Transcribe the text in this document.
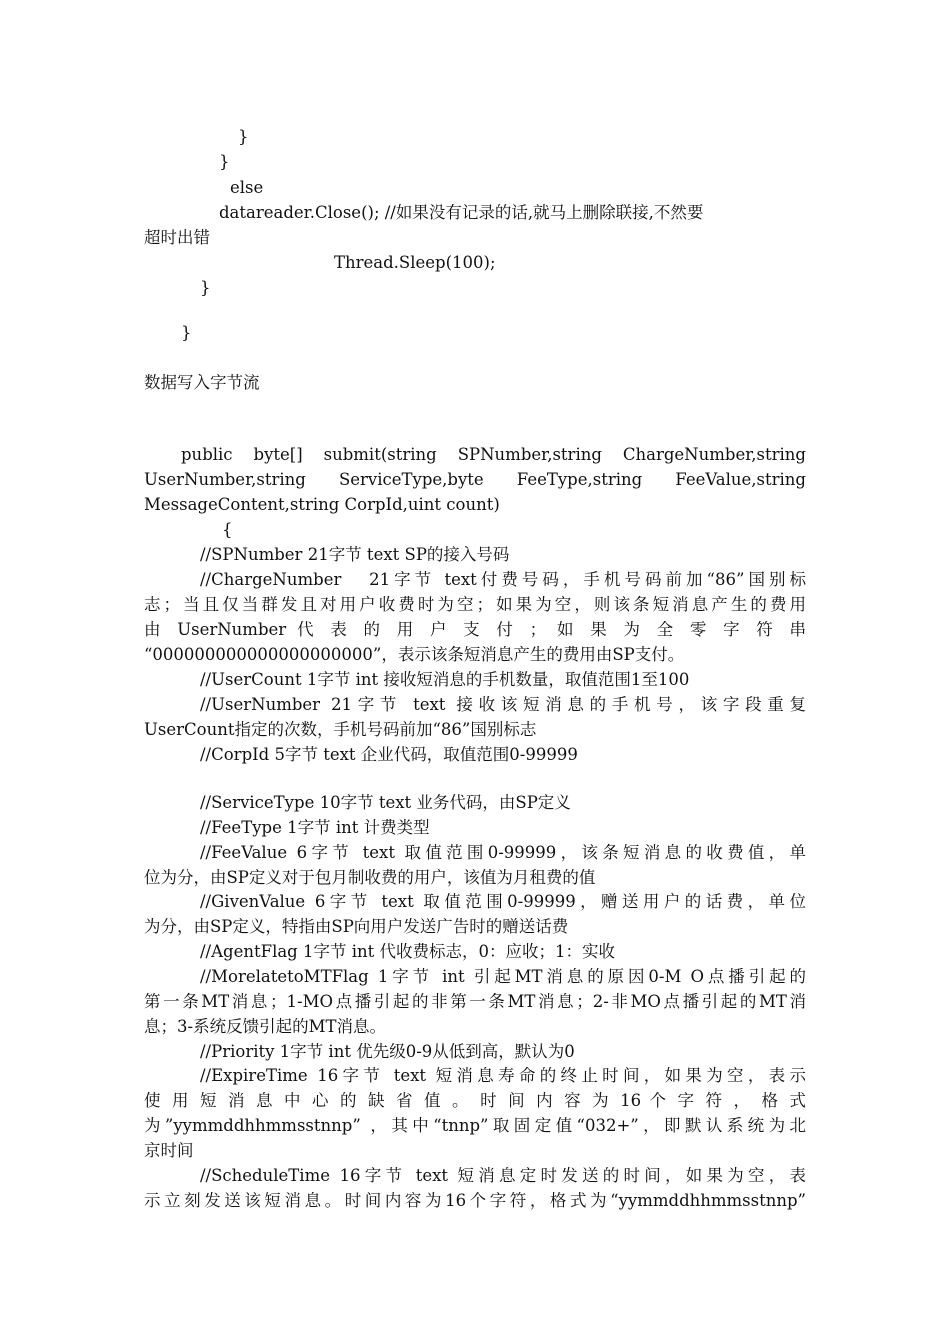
}

}

else

datareader.Close(); //如果没有记录的话,就马上删除联接,不然要

超时出错

Thread.Sleep(100);

}

}

数据写入字节流

public  byte[]  submit(string  SPNumber,string  ChargeNumber,string

UserNumber,string   ServiceType,byte   FeeType,string   FeeValue,string

MessageContent,string CorpId,uint count)

{

//SPNumber 21字节 text SP的接入号码

//ChargeNumber   21字节 text付费号码，手机号码前加“86”国别标

志；当且仅当群发且对用户收费时为空；如果为空，则该条短消息产生的费用

由 UserNumber 代 表 的 用 户 支 付 ； 如 果 为 全 零 字 符 串

“000000000000000000000”，表示该条短消息产生的费用由SP支付。

//UserCount 1字节 int 接收短消息的手机数量，取值范围1至100

//UserNumber 21字节 text 接收该短消息的手机号，该字段重复

UserCount指定的次数，手机号码前加“86”国别标志

//CorpId 5字节 text 企业代码，取值范围0-99999

//ServiceType 10字节 text 业务代码，由SP定义

//FeeType 1字节 int 计费类型

//FeeValue 6字节 text 取值范围0-99999，该条短消息的收费值，单

位为分，由SP定义对于包月制收费的用户，该值为月租费的值

//GivenValue 6字节 text 取值范围0-99999，赠送用户的话费，单位

为分，由SP定义，特指由SP向用户发送广告时的赠送话费

//AgentFlag 1字节 int 代收费标志，0：应收；1：实收

//MorelatetoMTFlag 1字节 int 引起MT消息的原因0-M O点播引起的

第一条MT消息；1-MO点播引起的非第一条MT消息；2-非MO点播引起的MT消

息；3-系统反馈引起的MT消息。

//Priority 1字节 int 优先级0-9从低到高，默认为0

//ExpireTime 16字节 text 短消息寿命的终止时间，如果为空，表示

使 用 短 消 息 中 心 的 缺 省 值 。 时 间 内 容 为 16 个 字 符 ， 格 式

为”yymmddhhmmsstnnp” ，其中“tnnp”取固定值“032+”，即默认系统为北

京时间

//ScheduleTime 16字节 text 短消息定时发送的时间，如果为空，表

示立刻发送该短消息。时间内容为16个字符，格式为“yymmddhhmmsstnnp”
